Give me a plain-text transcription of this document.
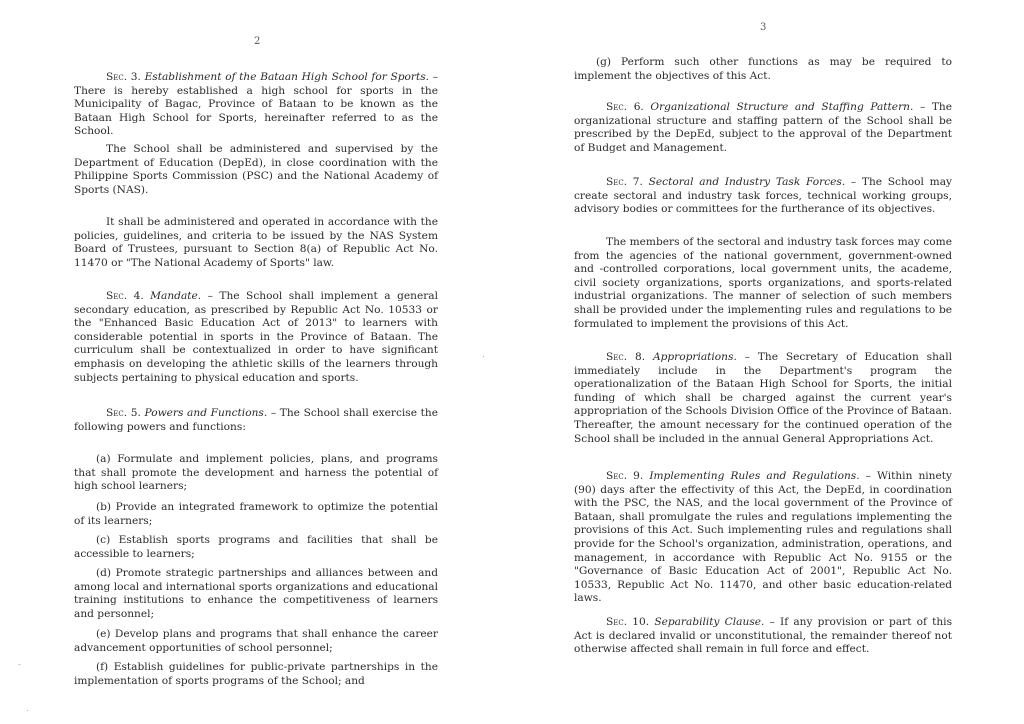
2

Sec. 3. Establishment of the Bataan High School for Sports. – There is hereby established a high school for sports in the Municipality of Bagac, Province of Bataan to be known as the Bataan High School for Sports, hereinafter referred to as the School.

The School shall be administered and supervised by the Department of Education (DepEd), in close coordination with the Philippine Sports Commission (PSC) and the National Academy of Sports (NAS).

It shall be administered and operated in accordance with the policies, guidelines, and criteria to be issued by the NAS System Board of Trustees, pursuant to Section 8(a) of Republic Act No. 11470 or "The National Academy of Sports" law.

Sec. 4. Mandate. – The School shall implement a general secondary education, as prescribed by Republic Act No. 10533 or the "Enhanced Basic Education Act of 2013" to learners with considerable potential in sports in the Province of Bataan. The curriculum shall be contextualized in order to have significant emphasis on developing the athletic skills of the learners through subjects pertaining to physical education and sports.

Sec. 5. Powers and Functions. – The School shall exercise the following powers and functions:

(a) Formulate and implement policies, plans, and programs that shall promote the development and harness the potential of high school learners;

(b) Provide an integrated framework to optimize the potential of its learners;

(c) Establish sports programs and facilities that shall be accessible to learners;

(d) Promote strategic partnerships and alliances between and among local and international sports organizations and educational training institutions to enhance the competitiveness of learners and personnel;

(e) Develop plans and programs that shall enhance the career advancement opportunities of school personnel;

(f) Establish guidelines for public-private partnerships in the implementation of sports programs of the School; and

-
.
3

(g) Perform such other functions as may be required to implement the objectives of this Act.

Sec. 6. Organizational Structure and Staffing Pattern. – The organizational structure and staffing pattern of the School shall be prescribed by the DepEd, subject to the approval of the Department of Budget and Management.

Sec. 7. Sectoral and Industry Task Forces. – The School may create sectoral and industry task forces, technical working groups, advisory bodies or committees for the furtherance of its objectives.

The members of the sectoral and industry task forces may come from the agencies of the national government, government-owned and -controlled corporations, local government units, the academe, civil society organizations, sports organizations, and sports-related industrial organizations. The manner of selection of such members shall be provided under the implementing rules and regulations to be formulated to implement the provisions of this Act.

Sec. 8. Appropriations. – The Secretary of Education shall immediately include in the Department's program the operationalization of the Bataan High School for Sports, the initial funding of which shall be charged against the current year's appropriation of the Schools Division Office of the Province of Bataan. Thereafter, the amount necessary for the continued operation of the School shall be included in the annual General Appropriations Act.

Sec. 9. Implementing Rules and Regulations. – Within ninety (90) days after the effectivity of this Act, the DepEd, in coordination with the PSC, the NAS, and the local government of the Province of Bataan, shall promulgate the rules and regulations implementing the provisions of this Act. Such implementing rules and regulations shall provide for the School's organization, administration, operations, and management, in accordance with Republic Act No. 9155 or the "Governance of Basic Education Act of 2001", Republic Act No. 10533, Republic Act No. 11470, and other basic education-related laws.

Sec. 10. Separability Clause. – If any provision or part of this Act is declared invalid or unconstitutional, the remainder thereof not otherwise affected shall remain in full force and effect.

.
